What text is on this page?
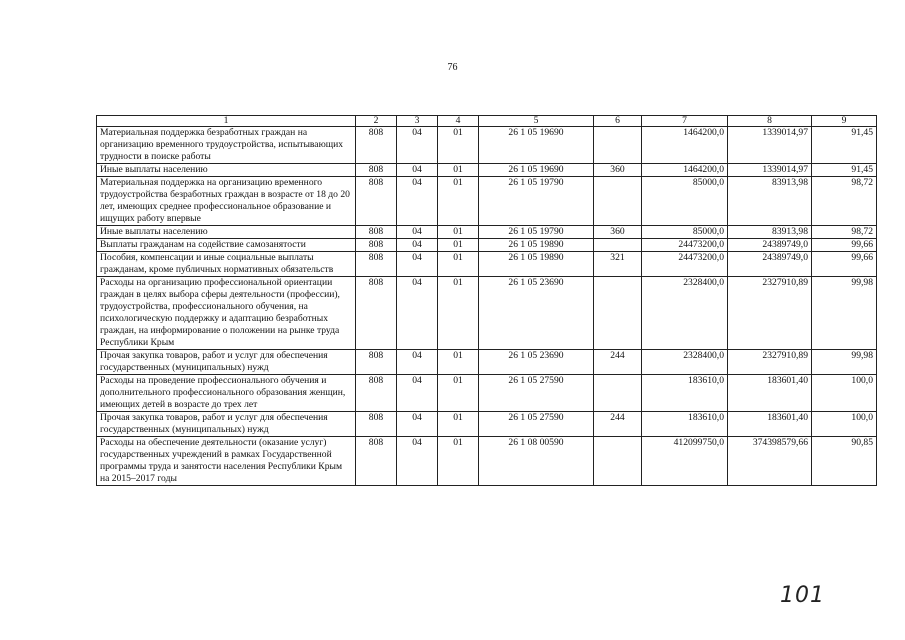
76
1	2	3	4	5	6	7	8	9
Материальная поддержка безработных граждан на организацию временного трудоустройства, испытывающих трудности в поиске работы	808	04	01	26 1 05 19690		1464200,0	1339014,97	91,45
Иные выплаты населению	808	04	01	26 1 05 19690	360	1464200,0	1339014,97	91,45
Материальная поддержка на организацию временного трудоустройства безработных граждан в возрасте от 18 до 20 лет, имеющих среднее профессиональное образование и ищущих работу впервые	808	04	01	26 1 05 19790		85000,0	83913,98	98,72
Иные выплаты населению	808	04	01	26 1 05 19790	360	85000,0	83913,98	98,72
Выплаты гражданам на содействие самозанятости	808	04	01	26 1 05 19890		24473200,0	24389749,0	99,66
Пособия, компенсации и иные социальные выплаты гражданам, кроме публичных нормативных обязательств	808	04	01	26 1 05 19890	321	24473200,0	24389749,0	99,66
Расходы на организацию профессиональной ориентации граждан в целях выбора сферы деятельности (профессии), трудоустройства, профессионального обучения, на психологическую поддержку и адаптацию безработных граждан, на информирование о положении на рынке труда Республики Крым	808	04	01	26 1 05 23690		2328400,0	2327910,89	99,98
Прочая закупка товаров, работ и услуг для обеспечения государственных (муниципальных) нужд	808	04	01	26 1 05 23690	244	2328400,0	2327910,89	99,98
Расходы на проведение профессионального обучения и дополнительного профессионального образования женщин, имеющих детей в возрасте до трех лет	808	04	01	26 1 05 27590		183610,0	183601,40	100,0
Прочая закупка товаров, работ и услуг для обеспечения государственных (муниципальных) нужд	808	04	01	26 1 05 27590	244	183610,0	183601,40	100,0
Расходы на обеспечение деятельности (оказание услуг) государственных учреждений в рамках Государственной программы труда и занятости населения Республики Крым на 2015–2017 годы	808	04	01	26 1 08 00590		412099750,0	374398579,66	90,85
101
